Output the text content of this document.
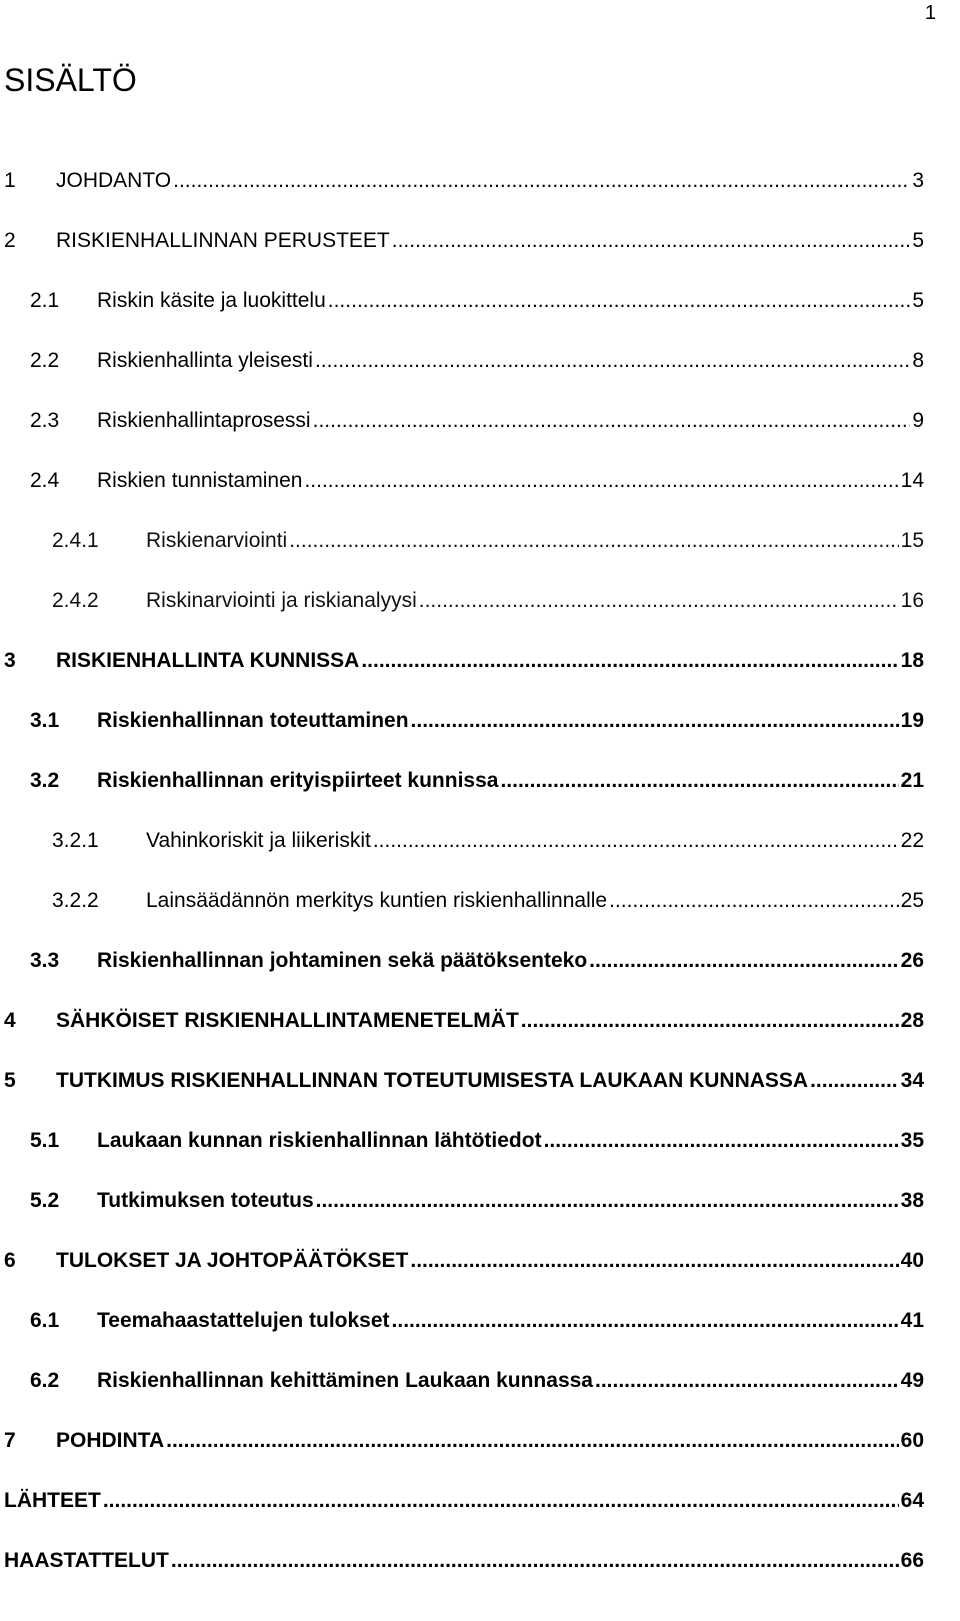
1
SISÄLTÖ
1	JOHDANTO .....	3
2	RISKIENHALLINNAN PERUSTEET .....	5
2.1	Riskin käsite ja luokittelu .....	5
2.2	Riskienhallinta yleisesti .....	8
2.3	Riskienhallintaprosessi .....	9
2.4	Riskien tunnistaminen .....	14
2.4.1	Riskienarviointi .....	15
2.4.2	Riskinarviointi ja riskianalyysi .....	16
3	RISKIENHALLINTA KUNNISSA .....	18
3.1	Riskienhallinnan toteuttaminen .....	19
3.2	Riskienhallinnan erityispiirteet kunnissa .....	21
3.2.1	Vahinkoriskit ja liikeriskit .....	22
3.2.2	Lainsäädännön merkitys kuntien riskienhallinnalle .....	25
3.3	Riskienhallinnan johtaminen sekä päätöksenteko .....	26
4	SÄHKÖISET RISKIENHALLINTAMENETELMÄT .....	28
5	TUTKIMUS RISKIENHALLINNAN TOTEUTUMISESTA LAUKAAN KUNNASSA .....	34
5.1	Laukaan kunnan riskienhallinnan lähtötiedot .....	35
5.2	Tutkimuksen toteutus .....	38
6	TULOKSET JA JOHTOPÄÄTÖKSET .....	40
6.1	Teemahaastattelujen tulokset .....	41
6.2	Riskienhallinnan kehittäminen Laukaan kunnassa .....	49
7	POHDINTA .....	60
LÄHTEET .....	64
HAASTATTELUT .....	66
